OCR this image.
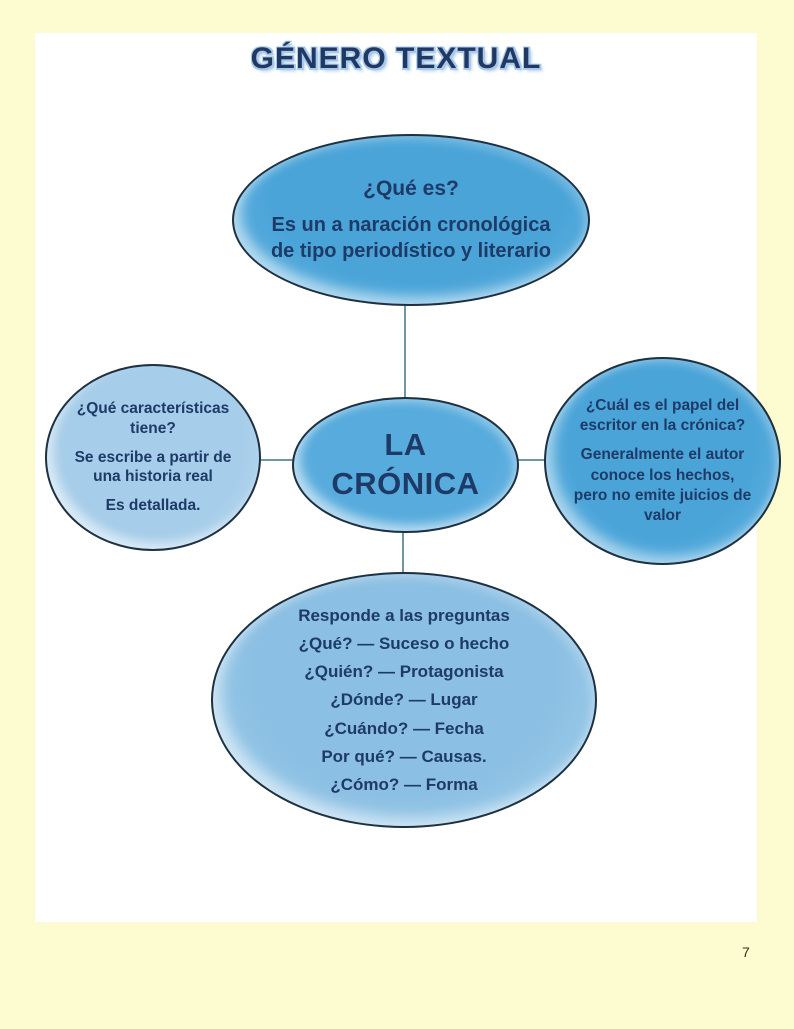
GÉNERO TEXTUAL

¿Qué es?

Es un a naración cronológica de tipo periodístico y literario

¿Qué características tiene?

Se escribe a partir de una historia real

Es detallada.

LA
CRÓNICA

¿Cuál es el papel del escritor en la crónica?

Generalmente el autor conoce los hechos, pero no emite juicios de valor

Responde a las preguntas
¿Qué? — Suceso o hecho
¿Quién? — Protagonista
¿Dónde? — Lugar
¿Cuándo? — Fecha
Por qué? — Causas.
¿Cómo? — Forma
7
